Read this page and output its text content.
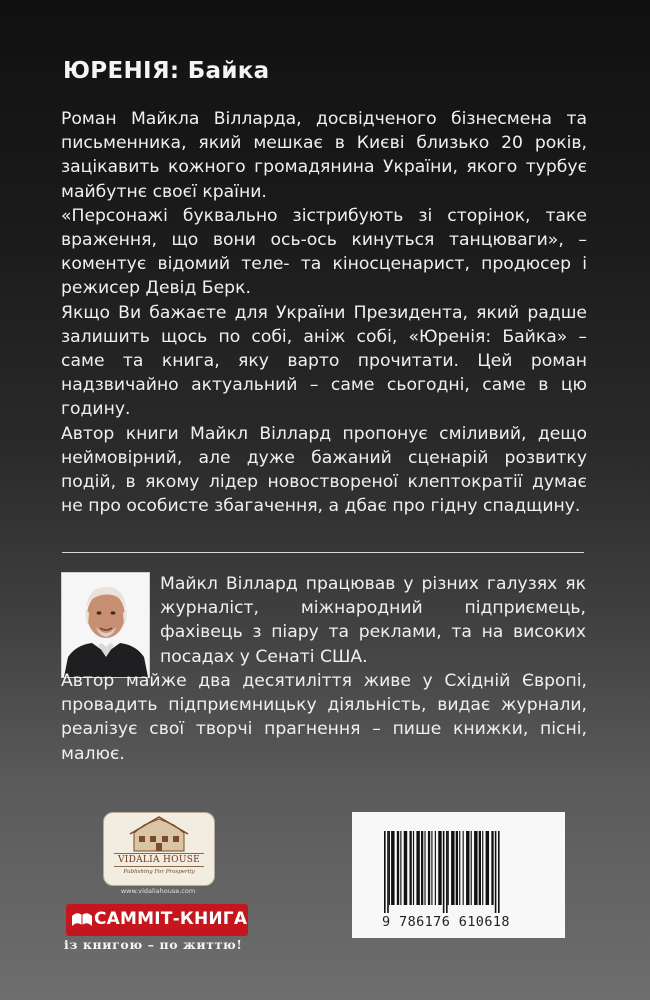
ЮРЕНІЯ: Байка

Роман Майкла Вілларда, досвідченого бізнесмена та письменника, який мешкає в Києві близько 20 років, зацікавить кожного громадянина України, якого турбує майбутнє своєї країни.

«Персонажі буквально зістрибують зі сторінок, таке враження, що вони ось-ось кинуться танцюваги», – коментує відомий теле- та кіносценарист, продюсер і режисер Девід Берк.

Якщо Ви бажаєте для України Президента, який радше залишить щось по собі, аніж собі, «Юренія: Байка» – саме та книга, яку варто прочитати. Цей роман надзвичайно актуальний – саме сьогодні, саме в цю годину.

Автор книги Майкл Віллард пропонує сміливий, дещо неймовірний, але дуже бажаний сценарій розвитку подій, в якому лідер новоствореної клептократії думає не про особисте збагачення, а дбає про гідну спадщину.

Майкл Віллард працював у різних галузях як журналіст, міжнародний підприємець, фахівець з піару та реклами, та на високих посадах у Сенаті США.

Автор майже два десятиліття живе у Східній Європі, провадить підприємницьку діяльність, видає журнали, реалізує свої творчі прагнення – пише книжки, пісні, малює.

VIDALIA HOUSE
Publishing For Prosperity
www.vidaliahouse.com
САММІТ-КНИГА
із книгою – по життю!
9 786176 610618
